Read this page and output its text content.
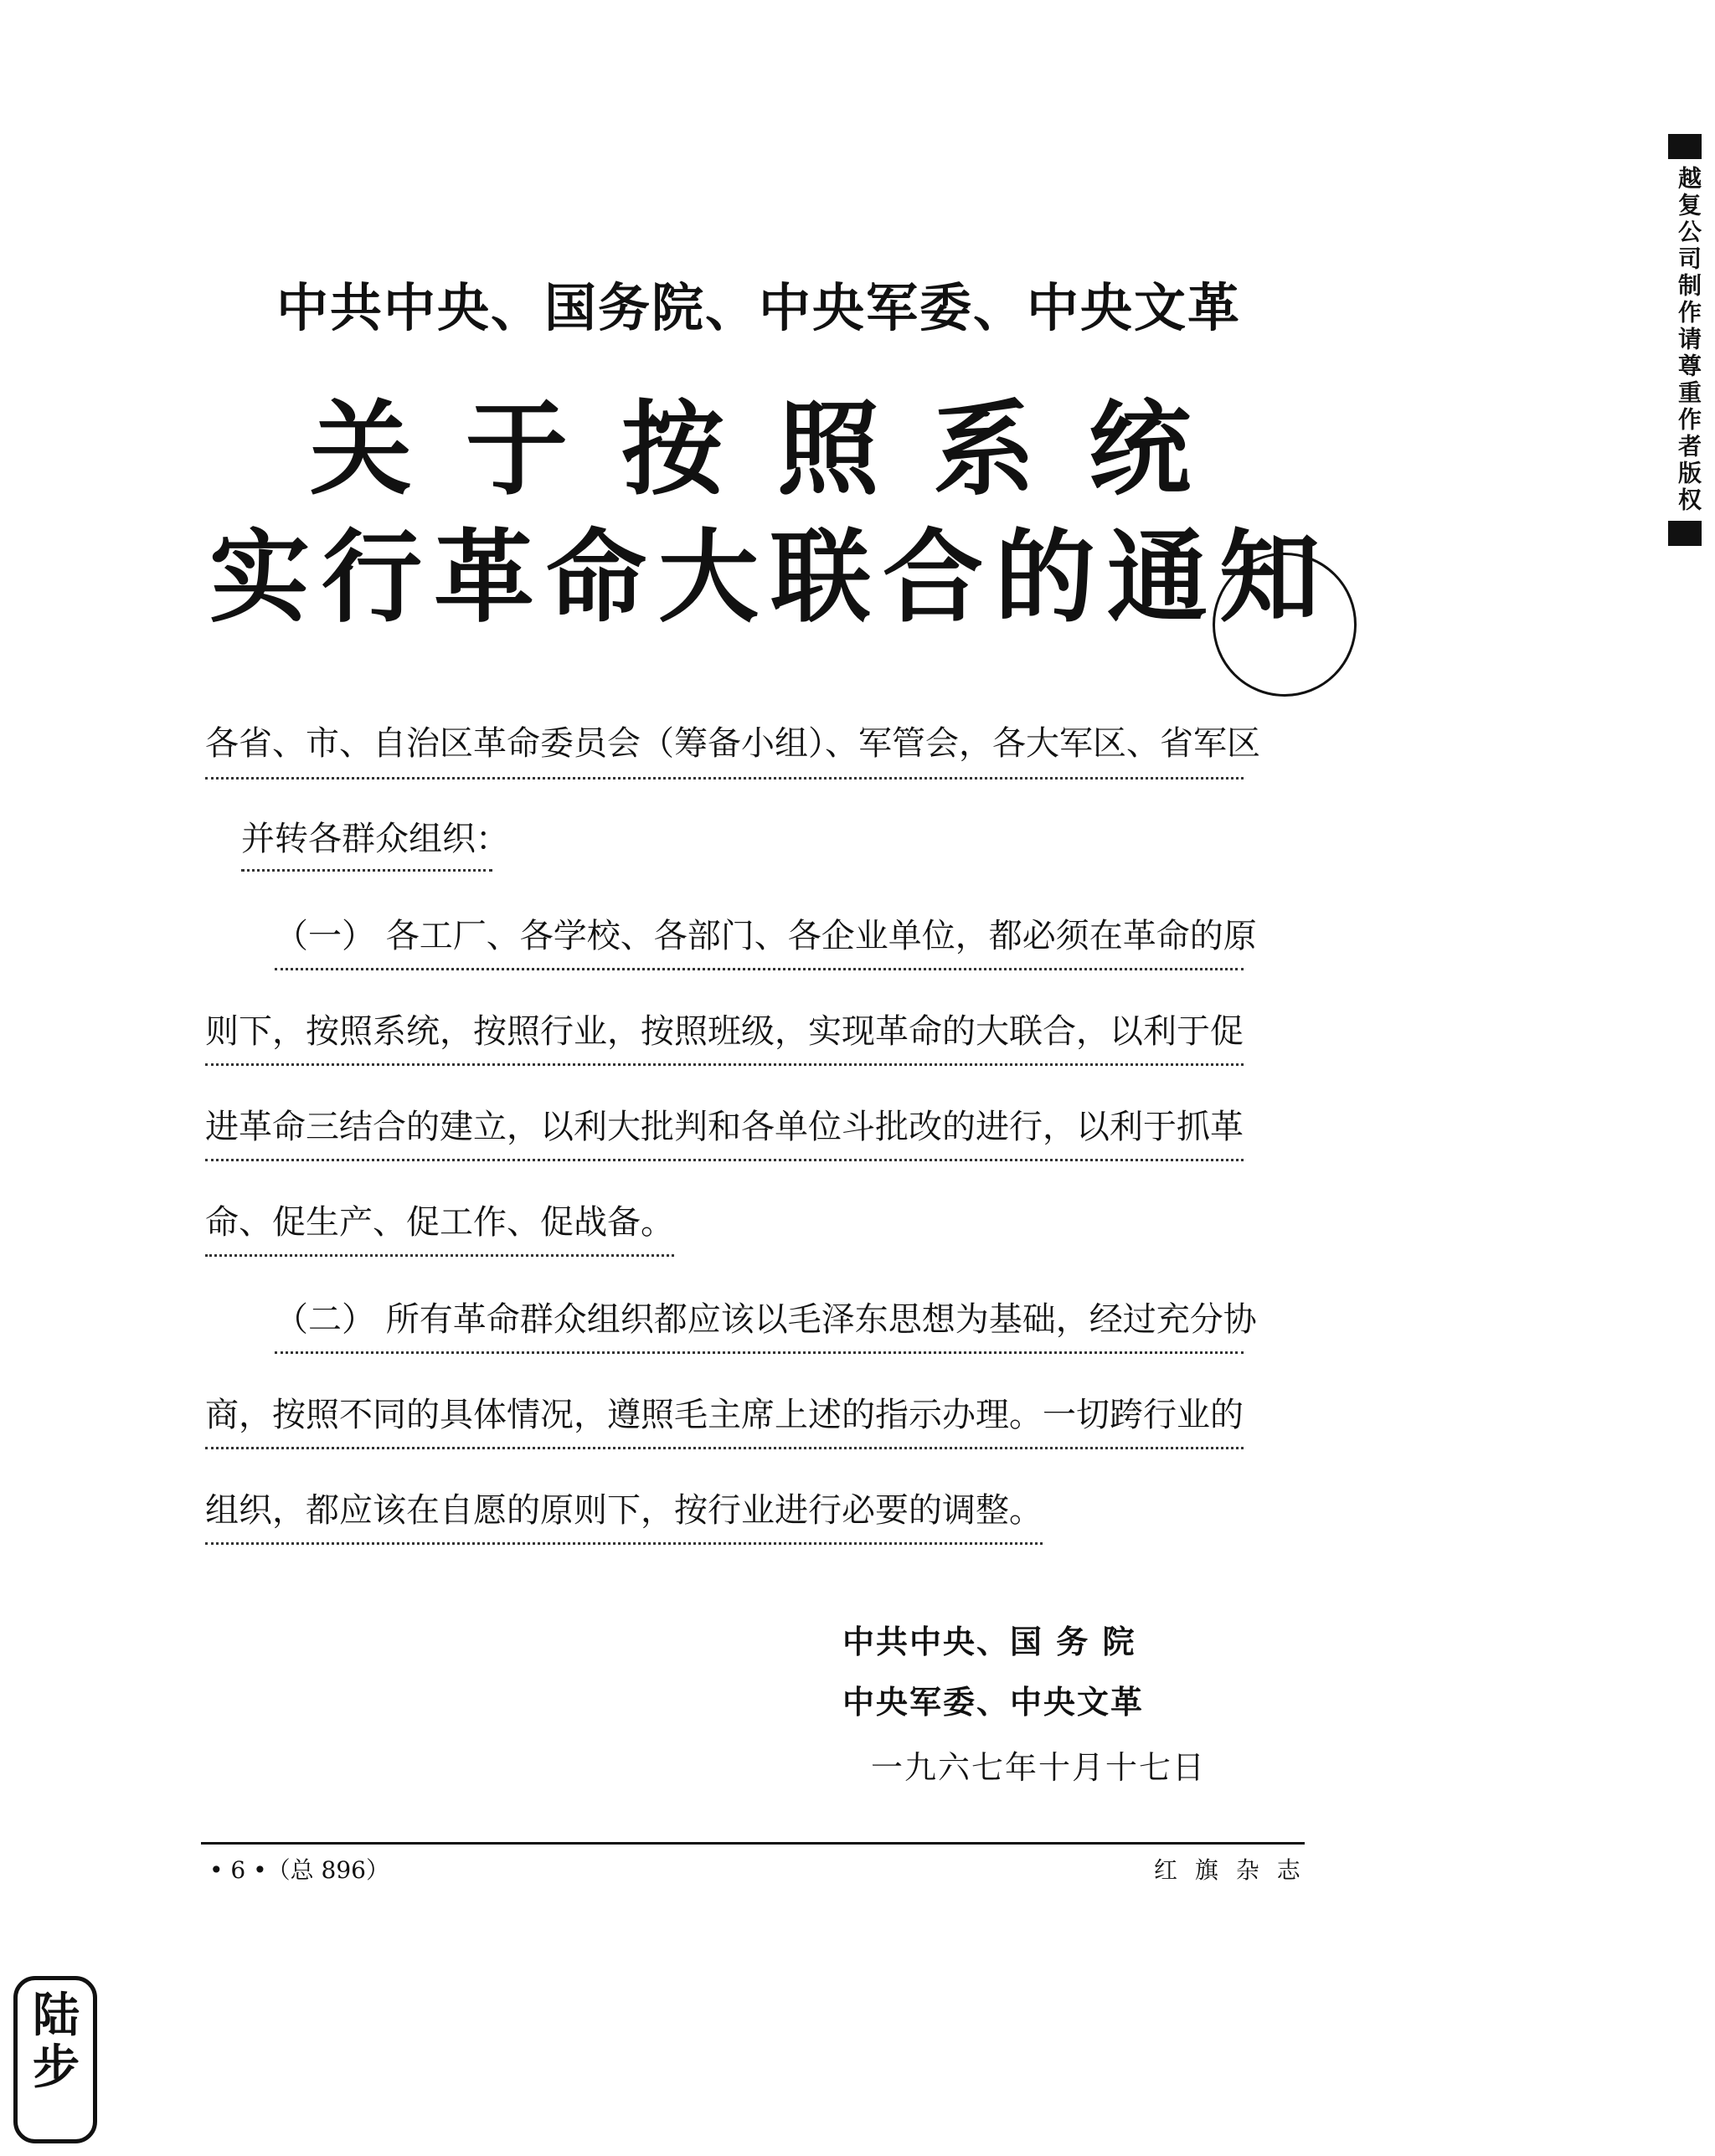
中共中央、国务院、中央军委、中央文革
关于按照系统
实行革命大联合的通知
各省、市、自治区革命委员会（筹备小组）、军管会，各大军区、省军区
并转各群众组织：
（一） 各工厂、各学校、各部门、各企业单位，都必须在革命的原
则下，按照系统，按照行业，按照班级，实现革命的大联合，以利于促
进革命三结合的建立，以利大批判和各单位斗批改的进行，以利于抓革
命、促生产、促工作、促战备。
（二） 所有革命群众组织都应该以毛泽东思想为基础，经过充分协
商，按照不同的具体情况，遵照毛主席上述的指示办理。一切跨行业的
组织，都应该在自愿的原则下，按行业进行必要的调整。
中共中央、国 务 院
中央军委、中央文革
一九六七年十月十七日
• 6 •（总 896）	红 旗 杂 志
越复公司制作请尊重作者版权
陆步
